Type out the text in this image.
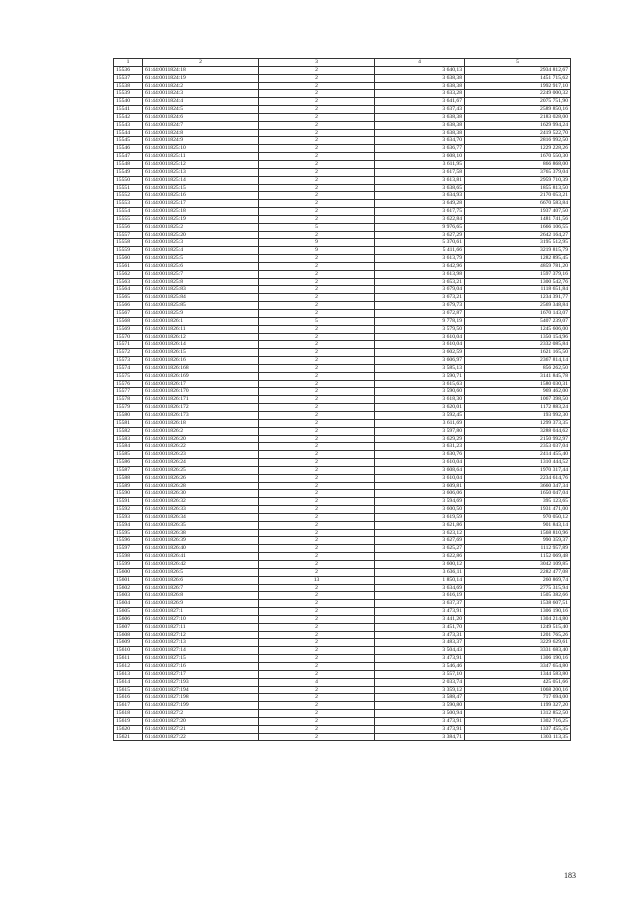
1	2	3	4	5
15536	61:44:0011824:18	2	3 640,13	2934 812,67
15537	61:44:0011824:19	2	3 638,38	1451 715,62
15538	61:44:0011824:2	2	3 638,38	1992 917,10
15539	61:44:0011824:3	2	3 633,28	2249 000,32
15540	61:44:0011824:4	2	3 641,67	2075 751,90
15541	61:44:0011824:5	2	3 637,43	2589 850,16
15542	61:44:0011824:6	2	3 638,38	2183 028,00
15543	61:44:0011824:7	2	3 638,38	1629 994,24
15544	61:44:0011824:8	2	3 638,38	2419 522,70
15545	61:44:0011824:9	2	3 634,70	2816 992,50
15546	61:44:0011825:10	2	3 636,77	1229 228,26
15547	61:44:0011825:11	2	3 608,10	1670 550,30
15548	61:44:0011825:12	2	3 611,95	866 868,00
15549	61:44:0011825:13	2	3 617,58	3765 379,04
15550	61:44:0011825:14	2	3 613,81	2959 710,39
15551	61:44:0011825:15	2	3 638,65	1855 813,50
15552	61:44:0011825:16	2	3 634,93	2170 053,21
15553	61:44:0011825:17	2	3 649,28	6670 583,84
15554	61:44:0011825:18	2	3 617,75	1937 407,50
15555	61:44:0011825:19	2	3 622,84	1481 741,56
15556	61:44:0011825:2	5	9 976,65	1666 106,55
15557	61:44:0011825:20	2	3 627,29	2642 164,27
15558	61:44:0011825:3	9	5 370,61	3195 512,95
15559	61:44:0011825:4	9	5 411,66	3219 815,79
15560	61:44:0011825:5	2	3 613,79	1282 895,45
15561	61:44:0011825:6	2	3 642,96	4859 781,20
15562	61:44:0011825:7	2	3 613,98	1597 379,16
15563	61:44:0011825:8	2	3 653,21	1300 542,76
15564	61:44:0011825:83	2	3 679,04	1118 651,84
15565	61:44:0011825:84	2	3 673,21	1234 391,77
15566	61:44:0011825:85	2	3 679,73	2569 348,84
15567	61:44:0011825:9	2	3 672,87	1670 143,07
15568	61:44:0011826:1	5	9 778,19	5407 239,07
15569	61:44:0011826:11	2	3 579,50	1245 606,00
15570	61:44:0011826:12	2	3 610,04	1350 154,96
15571	61:44:0011826:14	2	3 610,04	2332 085,84
15572	61:44:0011826:15	2	3 602,59	1621 165,50
15573	61:44:0011826:16	2	3 606,97	2367 814,14
15574	61:44:0011826:168	2	3 585,13	856 262,50
15575	61:44:0011826:169	2	3 590,71	3141 845,78
15576	61:44:0011826:17	2	3 615,63	1580 030,31
15577	61:44:0011826:170	2	3 590,60	969 462,00
15578	61:44:0011826:171	2	3 618,30	1067 398,50
15579	61:44:0011826:172	2	3 620,01	1172 883,24
15580	61:44:0011826:173	2	3 592,45	193 992,30
15581	61:44:0011826:18	2	3 611,69	1299 373,35
15582	61:44:0011826:2	2	3 597,80	3288 044,62
15583	61:44:0011826:20	2	3 629,29	2150 992,97
15584	61:44:0011826:22	2	3 631,23	2353 037,04
15585	61:44:0011826:23	2	3 630,76	2414 455,40
15586	61:44:0011826:24	2	3 610,04	1310 444,52
15587	61:44:0011826:25	2	3 608,64	1970 317,44
15588	61:44:0011826:26	2	3 610,04	2234 614,76
15589	61:44:0011826:28	2	3 609,81	3660 347,34
15590	61:44:0011826:30	2	3 606,06	1650 047,04
15591	61:44:0011826:32	2	3 594,69	395 123,65
15592	61:44:0011826:33	2	3 600,50	1931 471,00
15593	61:44:0011826:34	2	3 619,59	970 050,12
15594	61:44:0011826:35	2	3 621,86	901 843,14
15595	61:44:0011826:38	2	3 623,12	1568 810,96
15596	61:44:0011826:39	2	3 627,69	990 359,37
15597	61:44:0011826:40	2	3 625,27	1112 957,89
15598	61:44:0011826:41	2	3 622,86	1152 069,48
15599	61:44:0011826:42	2	3 600,12	3042 109,85
15600	61:44:0011826:5	2	3 636,11	2282 477,08
15601	61:44:0011826:6	13	1 850,14	260 869,74
15602	61:44:0011826:7	2	3 634,69	2775 315,94
15603	61:44:0011826:8	2	3 616,19	1505 382,66
15604	61:44:0011826:9	2	3 637,37	1538 607,51
15605	61:44:0011827:1	2	3 473,91	1306 190,16
15606	61:44:0011827:10	2	3 441,20	1304 214,80
15607	61:44:0011827:11	2	3 451,70	1249 515,40
15608	61:44:0011827:12	2	3 473,31	1201 765,26
15609	61:44:0011827:13	2	3 483,37	3229 629,61
15610	61:44:0011827:14	2	3 504,43	3331 683,40
15611	61:44:0011827:15	2	3 473,91	1306 190,16
15612	61:44:0011827:16	2	3 546,46	3347 654,80
15613	61:44:0011827:17	2	3 557,10	1344 583,80
15614	61:44:0011827:193	4	2 033,74	425 051,66
15615	61:44:0011827:194	2	3 359,12	1068 200,16
15616	61:44:0011827:198	2	3 588,47	717 694,00
15617	61:44:0011827:199	2	3 590,80	1199 327,20
15618	61:44:0011827:2	2	3 500,94	1312 852,50
15619	61:44:0011827:20	2	3 473,91	1302 716,25
15620	61:44:0011827:21	2	3 473,91	1337 455,35
15621	61:44:0011827:22	2	3 384,71	1303 113,35
183
